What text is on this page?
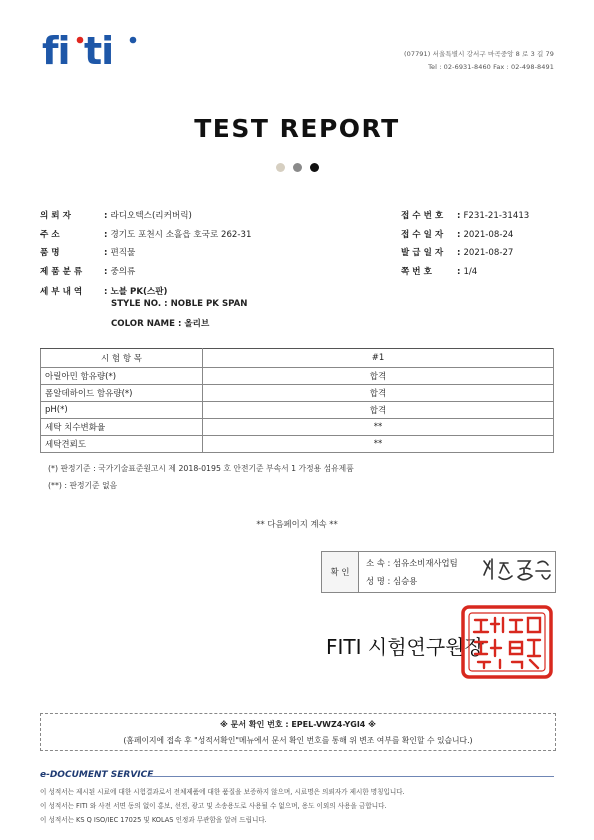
fi ti	(07791) 서울특별시 강서구 마곡중앙 8 로 3 길 79
Tel : 02-6931-8460 Fax : 02-498-8491
TEST REPORT
의 뢰 자	: 라디오텍스(리커버릭)
주 소	: 경기도 포천시 소흘읍 호국로 262-31
품 명	: 편직물
제 품 분 류	: 중의류
세 부 내 역	: 노블 PK(스판)
STYLE NO. : NOBLE PK SPAN
COLOR NAME : 올리브
접 수 번 호 : F231-21-31413
접 수 일 자 : 2021-08-24
발 급 일 자 : 2021-08-27
쪽 번 호	: 1/4
시 험 항 목	#1
아릴아민 함유량(*)	합격
폼알데하이드 함유량(*)	합격
pH(*)	합격
세탁 치수변화율	**
세탁견뢰도	**
(*) 판정기준 : 국가기술표준원고시 제 2018-0195 호 안전기준 부속서 1 가정용 섬유제품
(**) : 판정기준 없음
** 다음페이지 계속 **
확 인
소 속 : 섬유소비재사업팀
성 명 : 심승용
FITI 시험연구원장
※ 문서 확인 번호 : EPEL-VWZ4-YGI4 ※
(홈페이지에 접속 후 "성적서확인"메뉴에서 문서 확인 번호를 통해 위 변조 여부를 확인할 수 있습니다.)
e-DOCUMENT SERVICE
이 성적서는 제시된 시료에 대한 시험결과로서 전체제품에 대한 품질을 보증하지 않으며, 시료명은 의뢰자가 제시한 명칭입니다.
이 성적서는 FITI 와 사전 서면 동의 없이 홍보, 선전, 광고 및 소송용도로 사용될 수 없으며, 용도 이외의 사용을 금합니다.
이 성적서는 KS Q ISO/IEC 17025 및 KOLAS 인정과 무관함을 알려 드립니다.
